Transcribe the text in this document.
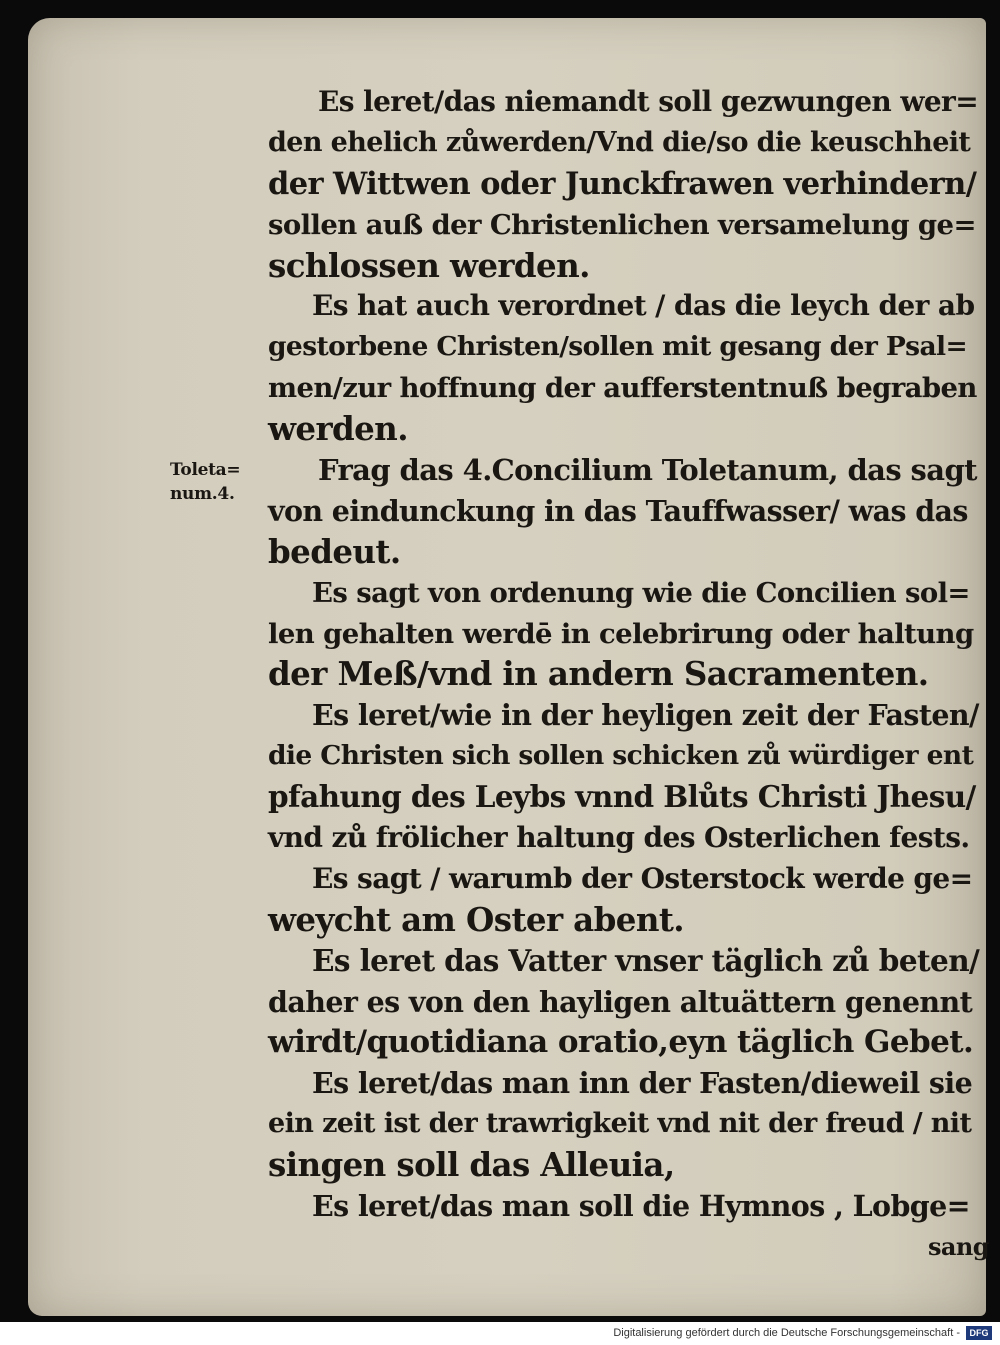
Toleta=
num.4.
Es leret/das niemandt soll gezwungen wer=
den ehelich zůwerden/Vnd die/so die keuschheit
der Wittwen oder Junckfrawen verhindern/
sollen auß der Christenlichen versamelung ge=
schlossen werden.
Es hat auch verordnet / das die leych der ab
gestorbene Christen/sollen mit gesang der Psal=
men/zur hoffnung der aufferstentnuß begraben
werden.
Frag das 4.Concilium Toletanum, das sagt
von eindunckung in das Tauffwasser/ was das
bedeut.
Es sagt von ordenung wie die Concilien sol=
len gehalten werdē in celebrirung oder haltung
der Meß/vnd in andern Sacramenten.
Es leret/wie in der heyligen zeit der Fasten/
die Christen sich sollen schicken zů würdiger ent
pfahung des Leybs vnnd Blůts Christi Jhesu/
vnd zů frölicher haltung des Osterlichen fests.
Es sagt / warumb der Osterstock werde ge=
weycht am Oster abent.
Es leret das Vatter vnser täglich zů beten/
daher es von den hayligen altuättern genennt
wirdt/quotidiana oratio,eyn täglich Gebet.
Es leret/das man inn der Fasten/dieweil sie
ein zeit ist der trawrigkeit vnd nit der freud / nit
singen soll das Alleuia,
Es leret/das man soll die Hymnos , Lobge=
sang
Digitalisierung gefördert durch die Deutsche Forschungsgemeinschaft -	DFG
